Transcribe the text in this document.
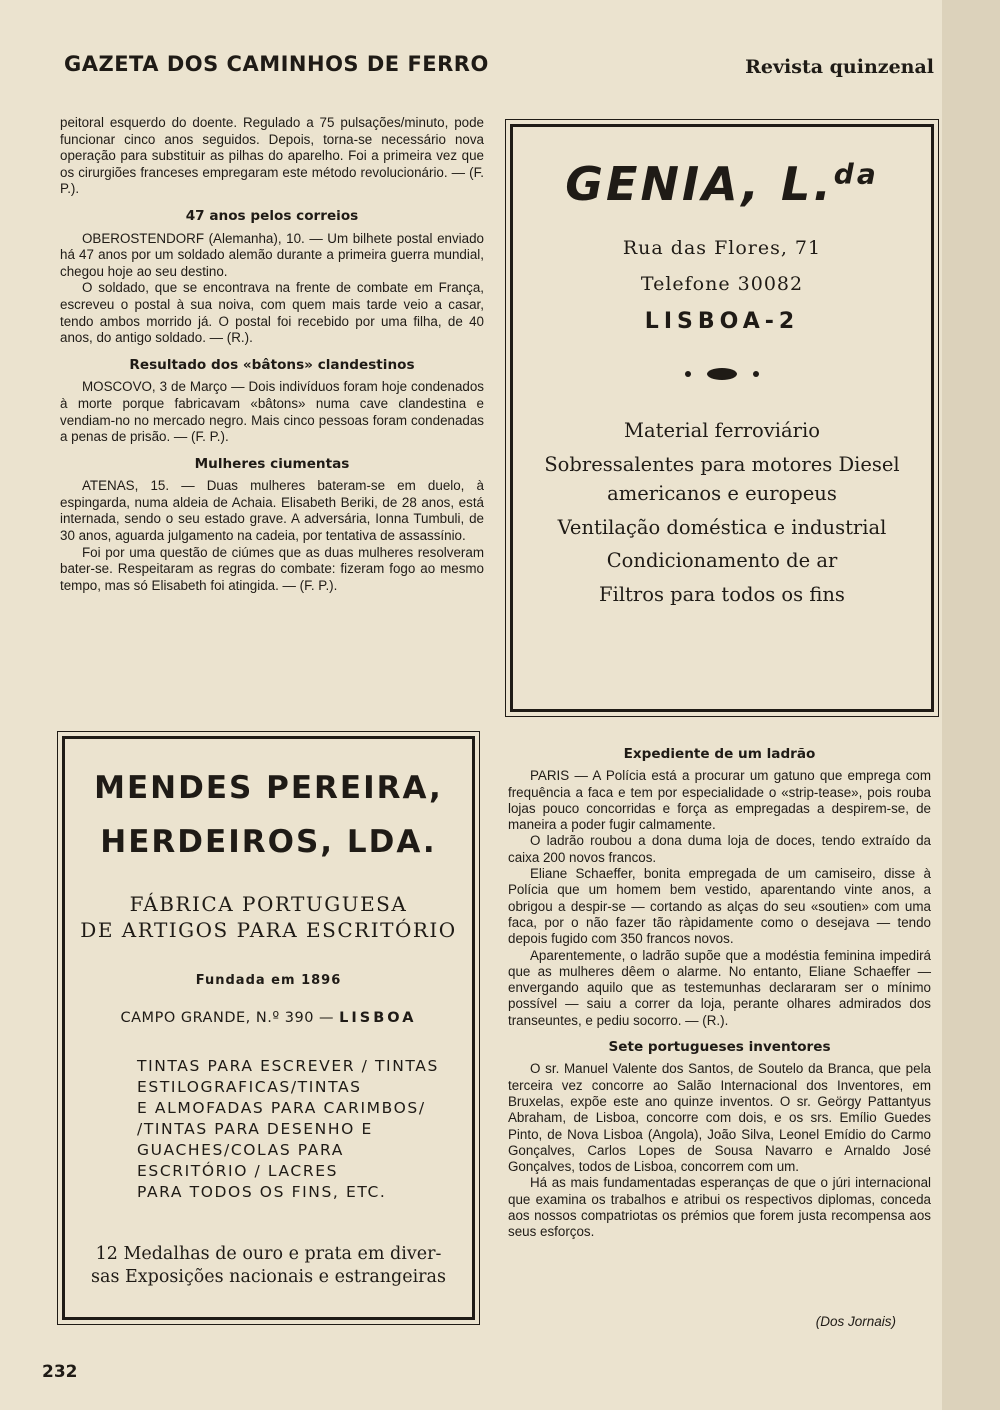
GAZETA DOS CAMINHOS DE FERRO	Revista quinzenal

peitoral esquerdo do doente. Regulado a 75 pulsações/minuto, pode funcionar cinco anos seguidos. Depois, torna-se necessário nova operação para substituir as pilhas do aparelho. Foi a primeira vez que os cirurgiões franceses empregaram este método revolucionário. — (F. P.).

47 anos pelos correios

OBEROSTENDORF (Alemanha), 10. — Um bilhete postal enviado há 47 anos por um soldado alemão durante a primeira guerra mundial, chegou hoje ao seu destino.

O soldado, que se encontrava na frente de combate em França, escreveu o postal à sua noiva, com quem mais tarde veio a casar, tendo ambos morrido já. O postal foi recebido por uma filha, de 40 anos, do antigo soldado. — (R.).

Resultado dos «bâtons» clandestinos

MOSCOVO, 3 de Março — Dois indivíduos foram hoje condenados à morte porque fabricavam «bâtons» numa cave clandestina e vendiam-no no mercado negro. Mais cinco pessoas foram condenadas a penas de prisão. — (F. P.).

Mulheres ciumentas

ATENAS, 15. — Duas mulheres bateram-se em duelo, à espingarda, numa aldeia de Achaia. Elisabeth Beriki, de 28 anos, está internada, sendo o seu estado grave. A adversária, Ionna Tumbuli, de 30 anos, aguarda julgamento na cadeia, por tentativa de assassínio.

Foi por uma questão de ciúmes que as duas mulheres resolveram bater-se. Respeitaram as regras do combate: fizeram fogo ao mesmo tempo, mas só Elisabeth foi atingida. — (F. P.).

GENIA, L.$^{da}$
Rua das Flores, 71
Telefone 30082
LISBOA-2
Material ferroviário
Sobressalentes para motores Diesel
americanos e europeus
Ventilação doméstica e industrial
Condicionamento de ar
Filtros para todos os fins
MENDES PEREIRA,
HERDEIROS, LDA.
FÁBRICA PORTUGUESA
DE ARTIGOS PARA ESCRITÓRIO
Fundada em 1896
CAMPO GRANDE, N.º 390 — LISBOA
TINTAS PARA ESCREVER / TINTAS
ESTILOGRAFICAS/TINTAS
E ALMOFADAS PARA CARIMBOS/
/TINTAS PARA DESENHO E
GUACHES/COLAS PARA
ESCRITÓRIO / LACRES
PARA TODOS OS FINS, ETC.
12 Medalhas de ouro e prata em diver-
sas Exposições nacionais e estrangeiras
Expediente de um ladrão

PARIS — A Polícia está a procurar um gatuno que emprega com frequência a faca e tem por especialidade o «strip-tease», pois rouba lojas pouco concorridas e força as empregadas a despirem-se, de maneira a poder fugir calmamente.

O ladrão roubou a dona duma loja de doces, tendo extraído da caixa 200 novos francos.

Eliane Schaeffer, bonita empregada de um camiseiro, disse à Polícia que um homem bem vestido, aparentando vinte anos, a obrigou a despir-se — cortando as alças do seu «soutien» com uma faca, por o não fazer tão ràpidamente como o desejava — tendo depois fugido com 350 francos novos.

Aparentemente, o ladrão supõe que a modéstia feminina impedirá que as mulheres dêem o alarme. No entanto, Eliane Schaeffer — envergando aquilo que as testemunhas declararam ser o mínimo possível — saiu a correr da loja, perante olhares admirados dos transeuntes, e pediu socorro. — (R.).

Sete portugueses inventores

O sr. Manuel Valente dos Santos, de Soutelo da Branca, que pela terceira vez concorre ao Salão Internacional dos Inventores, em Bruxelas, expõe este ano quinze inventos. O sr. Geörgy Pattantyus Abraham, de Lisboa, concorre com dois, e os srs. Emílio Guedes Pinto, de Nova Lisboa (Angola), João Silva, Leonel Emídio do Carmo Gonçalves, Carlos Lopes de Sousa Navarro e Arnaldo José Gonçalves, todos de Lisboa, concorrem com um.

Há as mais fundamentadas esperanças de que o júri internacional que examina os trabalhos e atribui os respectivos diplomas, conceda aos nossos compatriotas os prémios que forem justa recompensa aos seus esforços.

(Dos Jornais)
232
